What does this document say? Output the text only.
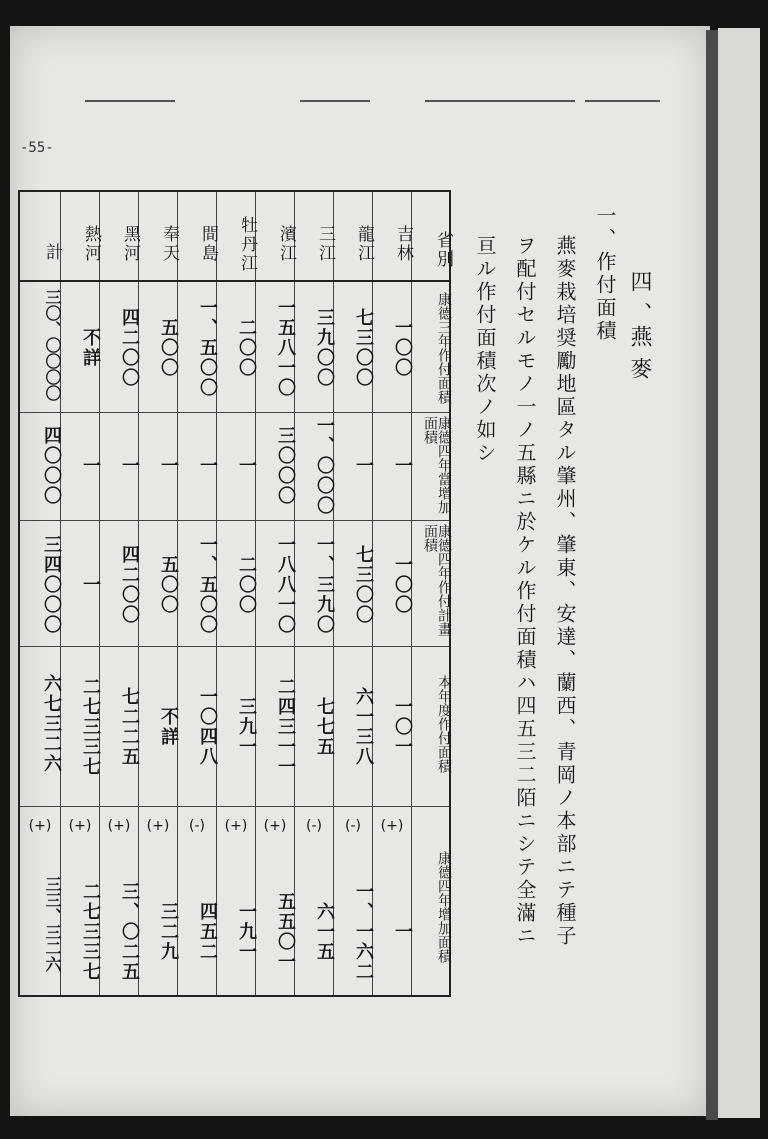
-55-
四、
燕麥
一、作付面積
燕麥栽培奨勵地區タル肇州、肇東、安達、蘭西、青岡ノ本部ニテ種子
ヲ配付セルモノ一ノ五縣ニ於ケル作付面積ハ四五三二陌ニシテ全滿ニ
亘ル作付面積次ノ如シ
省別
康德三年作付面積
康德四年當增加面積
康德四年作付計畫面積
本年度作付面積
康德四年增加面積
吉林
一〇〇
一
一〇〇
一〇一
(+)
一
龍江
七三〇〇
一
七三〇〇
六一三八
(-)
一、一六二
三江
三九〇〇
一、〇〇〇
一、三九〇
七七五
(-)
六一五
濱江
一五八一〇
三〇〇〇
一八八一〇
二四三一一
(+)
五五〇一
牡丹江
二〇〇
一
二〇〇
三九一
(+)
一九一
間島
一、五〇〇
一
一、五〇〇
一〇四八
(-)
四五二
奉天
五〇〇
一
五〇〇
不詳
(+)
三二九
黑河
四二〇〇
一
四二〇〇
七二二五
(+)
三、〇二五
熱河
不詳
一
一
二七三三七
(+)
二七三三七
計
三〇、〇〇〇〇
四〇〇〇
三四〇〇〇
六七三二六
(+)
三三、三二六
